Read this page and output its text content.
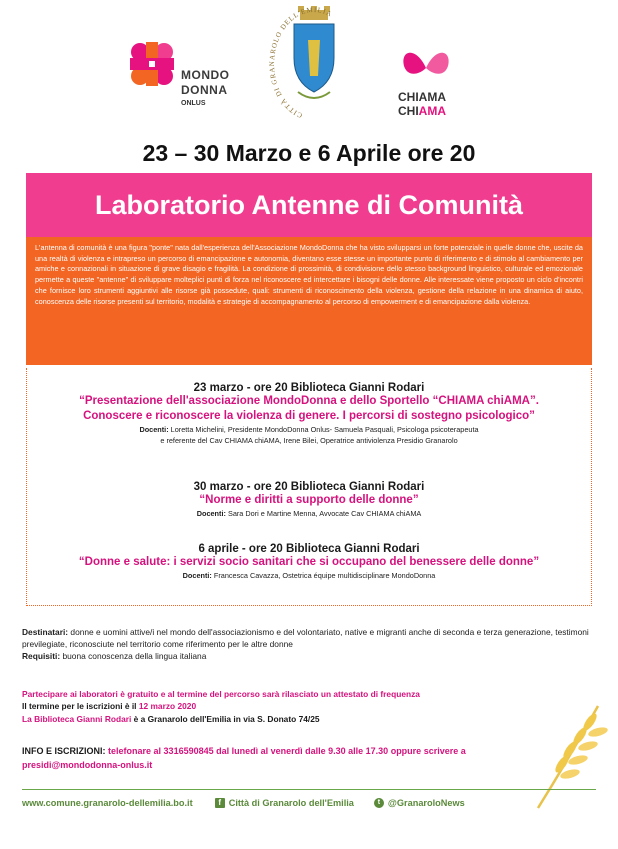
MONDO
DONNA
ONLUS
CITTÀ DI GRANAROLO DELL'EMILIA
CHIAMA
CHIAMA
23 – 30 Marzo e 6 Aprile ore 20
Laboratorio Antenne di Comunità
L'antenna di comunità è una figura "ponte" nata dall'esperienza dell'Associazione MondoDonna che ha visto svilupparsi un forte potenziale in quelle donne che, uscite da una realtà di violenza e intrapreso un percorso di emancipazione e autonomia, diventano esse stesse un importante punto di riferimento e di stimolo al cambiamento per amiche e connazionali in situazione di grave disagio e fragilità. La condizione di prossimità, di condivisione dello stesso background linguistico, culturale ed emozionale permette a queste "antenne" di sviluppare molteplici punti di forza nel riconoscere ed intercettare i bisogni delle donne. Alle interessate viene proposto un ciclo d'incontri che fornisce loro strumenti aggiuntivi alle risorse già possedute, quali: strumenti di riconoscimento della violenza, gestione della relazione in una dinamica di aiuto, conoscenza delle risorse presenti sul territorio, modalità e strategie di accompagnamento al percorso di empowerment e di emancipazione dalla violenza.
23 marzo - ore 20 Biblioteca Gianni Rodari
“Presentazione dell'associazione MondoDonna e dello Sportello “CHIAMA chiAMA”.
Conoscere e riconoscere la violenza di genere. I percorsi di sostegno psicologico”
Docenti: Loretta Michelini, Presidente MondoDonna Onlus- Samuela Pasquali, Psicologa psicoterapeuta
e referente del Cav CHIAMA chiAMA, Irene Bilei, Operatrice antiviolenza Presidio Granarolo
30 marzo - ore 20 Biblioteca Gianni Rodari
“Norme e diritti a supporto delle donne”
Docenti: Sara Dori e Martine Menna, Avvocate Cav CHIAMA chiAMA
6 aprile - ore 20 Biblioteca Gianni Rodari
“Donne e salute: i servizi socio sanitari che si occupano del benessere delle donne”
Docenti: Francesca Cavazza, Ostetrica équipe multidisciplinare MondoDonna
Destinatari: donne e uomini attive/i nel mondo dell'associazionismo e del volontariato, native e migranti anche di seconda e terza generazione, testimoni previlegiate, riconosciute nel territorio come riferimento per le altre donne
Requisiti: buona conoscenza della lingua italiana
Partecipare ai laboratori è gratuito e al termine del percorso sarà rilasciato un attestato di frequenza
Il termine per le iscrizioni è il 12 marzo 2020
La Biblioteca Gianni Rodari è a Granarolo dell'Emilia in via S. Donato 74/25
INFO E ISCRIZIONI: telefonare al 3316590845 dal lunedì al venerdì dalle 9.30 alle 17.30 oppure scrivere a presidi@mondodonna-onlus.it
www.comune.granarolo-dellemilia.bo.it	f Città di Granarolo dell'Emilia	t @GranaroloNews
